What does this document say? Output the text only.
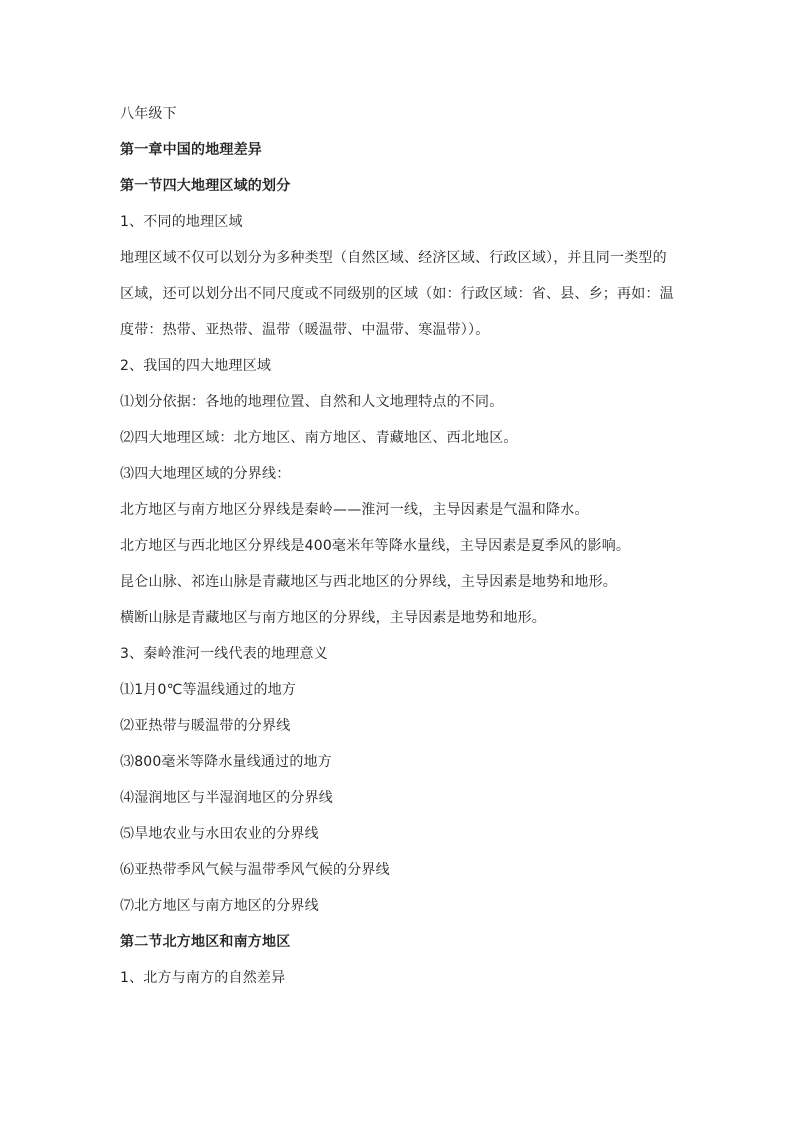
八年级下
第一章中国的地理差异
第一节四大地理区域的划分
1、不同的地理区域
地理区域不仅可以划分为多种类型（自然区域、经济区域、行政区域），并且同一类型的
区域，还可以划分出不同尺度或不同级别的区域（如：行政区域：省、县、乡；再如：温
度带：热带、亚热带、温带（暖温带、中温带、寒温带））。
2、我国的四大地理区域
⑴划分依据：各地的地理位置、自然和人文地理特点的不同。
⑵四大地理区域：北方地区、南方地区、青藏地区、西北地区。
⑶四大地理区域的分界线：
北方地区与南方地区分界线是秦岭——淮河一线，主导因素是气温和降水。
北方地区与西北地区分界线是400毫米年等降水量线，主导因素是夏季风的影响。
昆仑山脉、祁连山脉是青藏地区与西北地区的分界线，主导因素是地势和地形。
横断山脉是青藏地区与南方地区的分界线，主导因素是地势和地形。
3、秦岭淮河一线代表的地理意义
⑴1月0℃等温线通过的地方
⑵亚热带与暖温带的分界线
⑶800毫米等降水量线通过的地方
⑷湿润地区与半湿润地区的分界线
⑸旱地农业与水田农业的分界线
⑹亚热带季风气候与温带季风气候的分界线
⑺北方地区与南方地区的分界线
第二节北方地区和南方地区
1、北方与南方的自然差异
